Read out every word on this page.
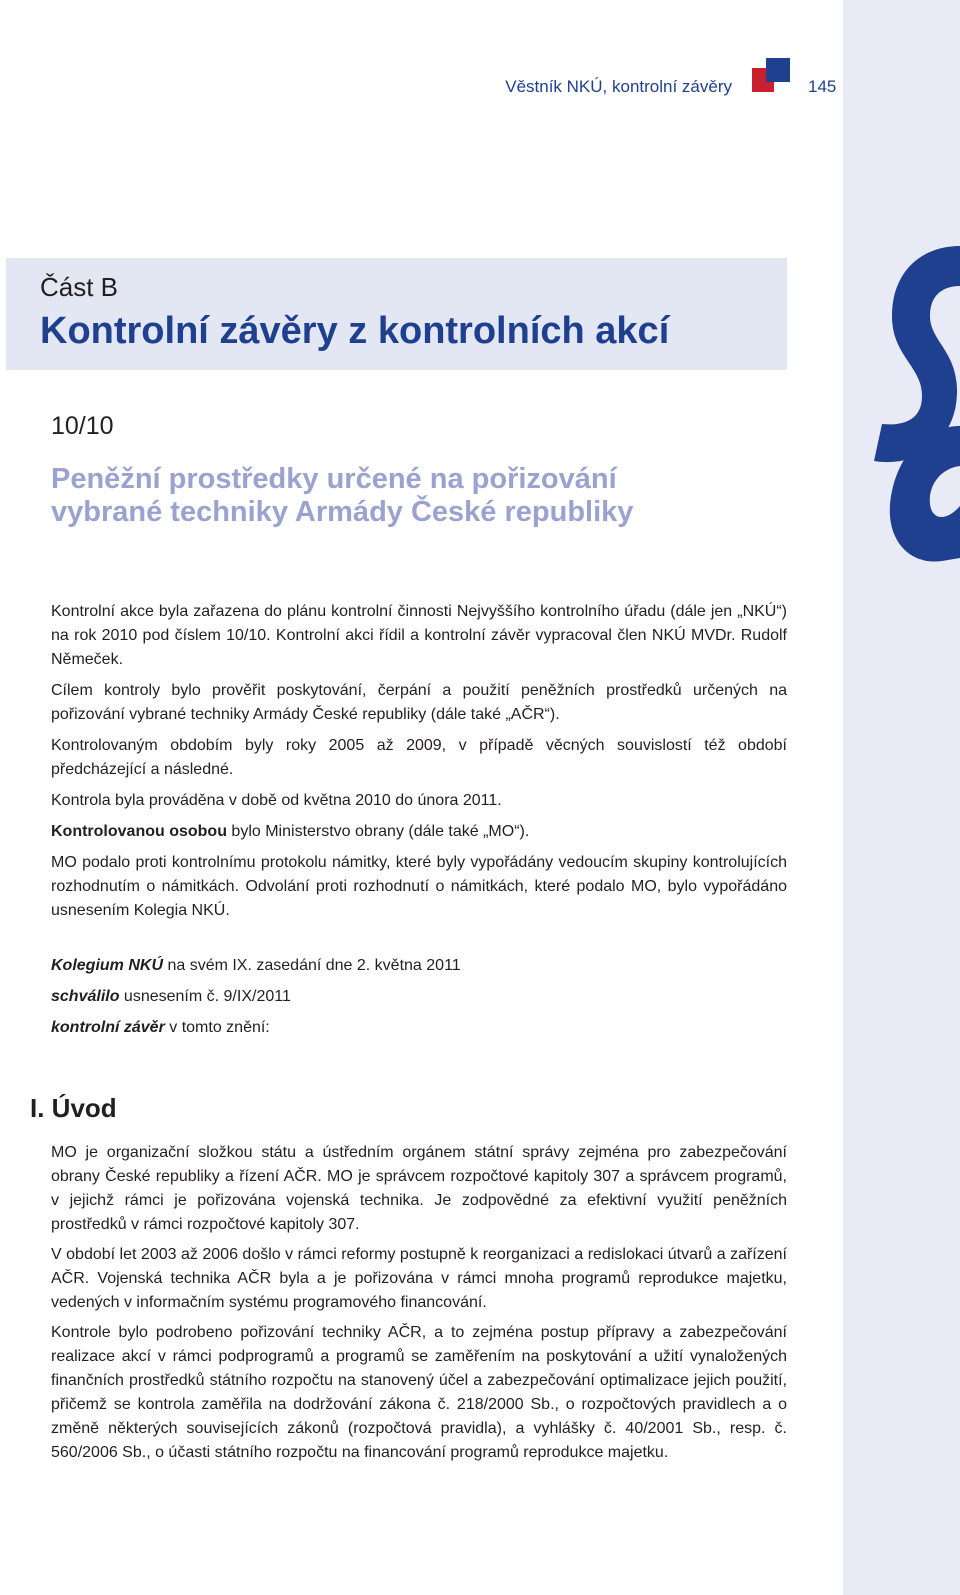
Věstník NKÚ, kontrolní závěry	145
Část B
Kontrolní závěry z kontrolních akcí
10/10
Peněžní prostředky určené na pořizování
vybrané techniky Armády České republiky

Kontrolní akce byla zařazena do plánu kontrolní činnosti Nejvyššího kontrolního úřadu (dále jen „NKÚ“) na rok 2010 pod číslem 10/10. Kontrolní akci řídil a kontrolní závěr vypracoval člen NKÚ MVDr. Rudolf Němeček.

Cílem kontroly bylo prověřit poskytování, čerpání a použití peněžních prostředků určených na pořizování vybrané techniky Armády České republiky (dále také „AČR“).

Kontrolovaným obdobím byly roky 2005 až 2009, v případě věcných souvislostí též období předcházející a následné.

Kontrola byla prováděna v době od května 2010 do února 2011.

Kontrolovanou osobou bylo Ministerstvo obrany (dále také „MO“).

MO podalo proti kontrolnímu protokolu námitky, které byly vypořádány vedoucím skupiny kontrolujících rozhodnutím o námitkách. Odvolání proti rozhodnutí o námitkách, které podalo MO, bylo vypořádáno usnesením Kolegia NKÚ.

Kolegium NKÚ na svém IX. zasedání dne 2. května 2011

schválilo usnesením č. 9/IX/2011

kontrolní závěr v tomto znění:

I. Úvod

MO je organizační složkou státu a ústředním orgánem státní správy zejména pro zabezpečování obrany České republiky a řízení AČR. MO je správcem rozpočtové kapitoly 307 a správcem programů, v jejichž rámci je pořizována vojenská technika. Je zodpovědné za efektivní využití peněžních prostředků v rámci rozpočtové kapitoly 307.

V období let 2003 až 2006 došlo v rámci reformy postupně k reorganizaci a redislokaci útvarů a zařízení AČR. Vojenská technika AČR byla a je pořizována v rámci mnoha programů reprodukce majetku, vedených v informačním systému programového financování.

Kontrole bylo podrobeno pořizování techniky AČR, a to zejména postup přípravy a zabezpečování realizace akcí v rámci podprogramů a programů se zaměřením na poskytování a užití vynaložených finančních prostředků státního rozpočtu na stanovený účel a zabezpečování optimalizace jejich použití, přičemž se kontrola zaměřila na dodržování zákona č. 218/2000 Sb., o rozpočtových pravidlech a o změně některých souvisejících zákonů (rozpočtová pravidla), a vyhlášky č. 40/2001 Sb., resp. č. 560/2006 Sb., o účasti státního rozpočtu na financování programů reprodukce majetku.
